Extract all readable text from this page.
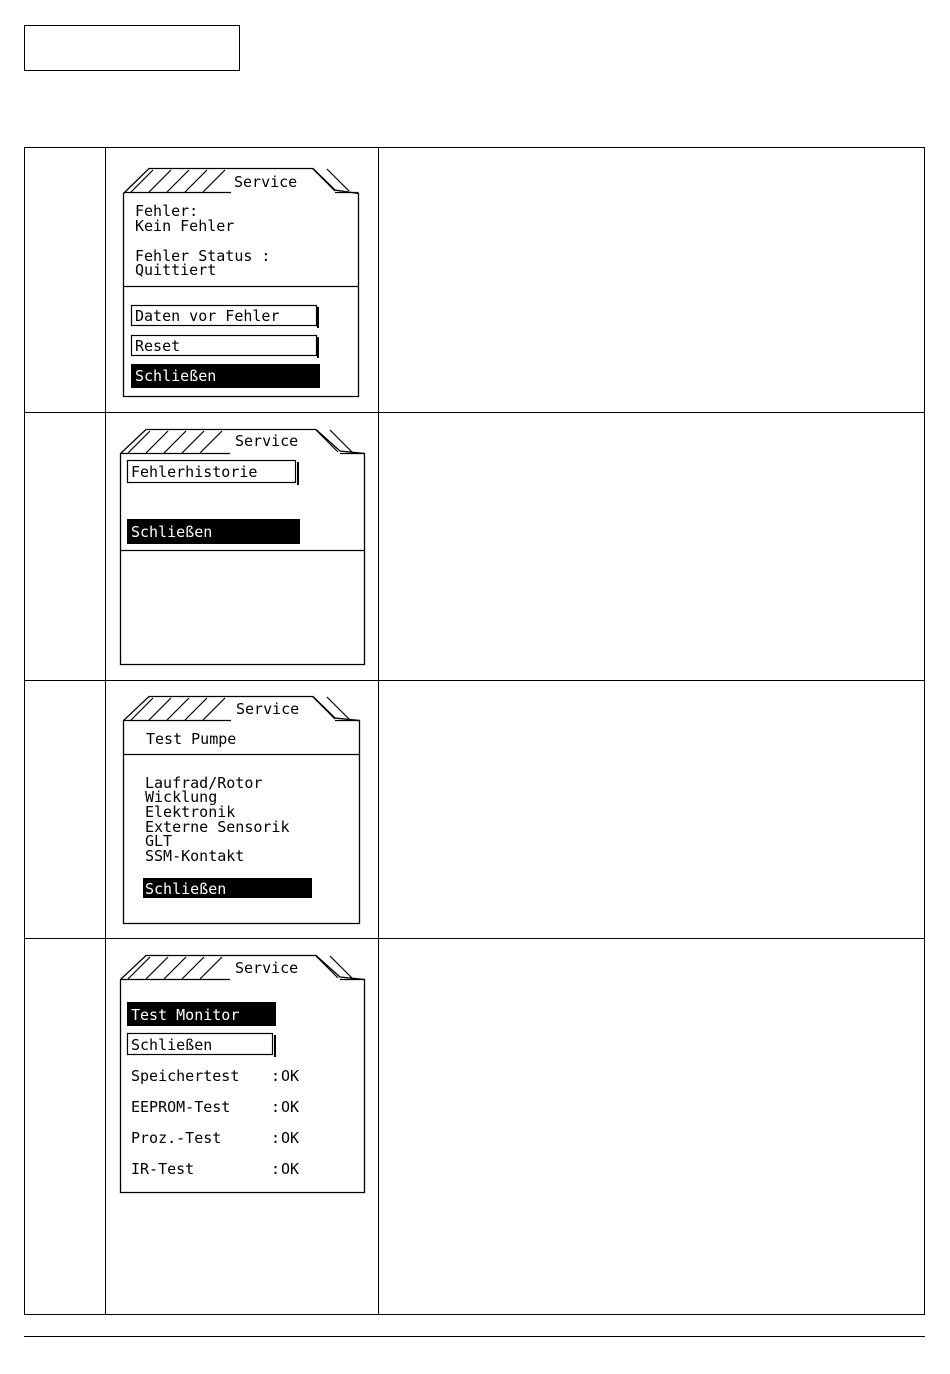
Service
Fehler:
Kein Fehler
Fehler Status :
Quittiert
Daten vor Fehler
Reset
Schließen
Service
Fehlerhistorie
Schließen
Service
Test Pumpe
Laufrad/Rotor
Wicklung
Elektronik
Externe Sensorik
GLT
SSM-Kontakt
Schließen
Service
Test Monitor
Schließen
Speichertest : OK
EEPROM-Test	: OK
Proz.-Test	: OK
IR-Test	: OK
